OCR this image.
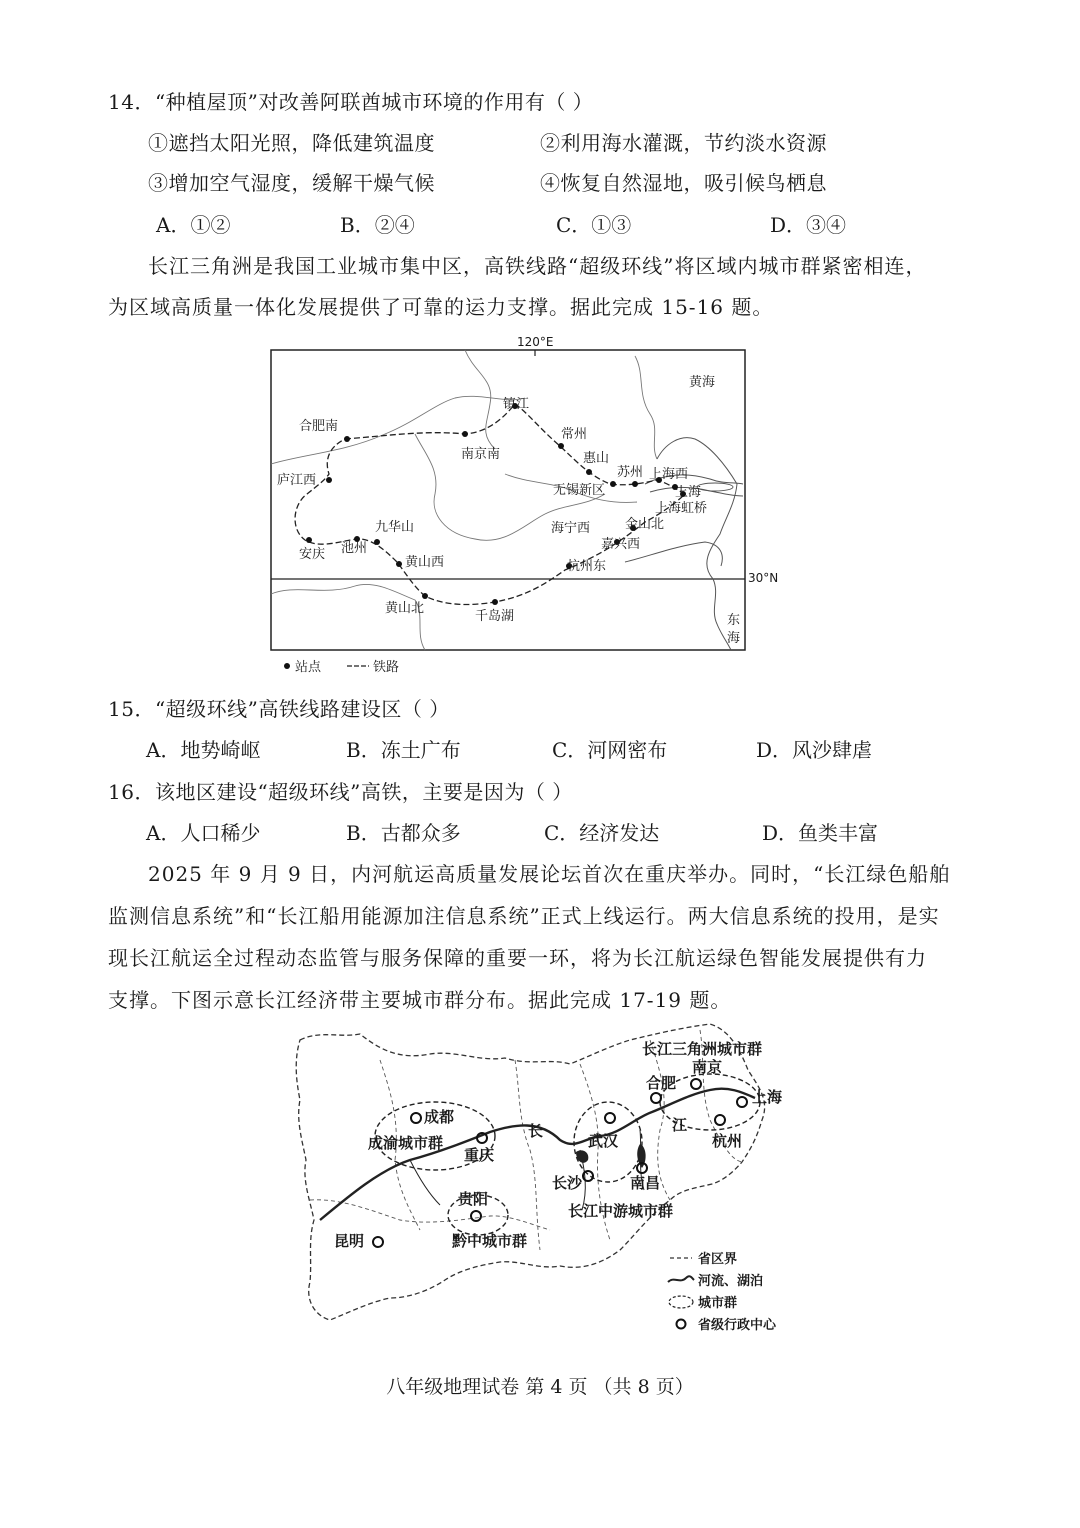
14．“种植屋顶”对改善阿联酋城市环境的作用有（ ）
①遮挡太阳光照，降低建筑温度	②利用海水灌溉，节约淡水资源
③增加空气湿度，缓解干燥气候	④恢复自然湿地，吸引候鸟栖息
A．①②	B．②④	C．①③	D．③④
长江三角洲是我国工业城市集中区，高铁线路“超级环线”将区域内城市群紧密相连，
为区域高质量一体化发展提供了可靠的运力支撑。据此完成 15-16 题。
120°E
30°N
合肥南
南京南
镇江
常州
惠山
苏州
无锡新区
上海西
上海
上海虹桥
庐江西
安庆 池州
九华山
黄山西
黄山北
千岛湖
杭州东
嘉兴西
金山北
海宁西
黄海
东
海
站点	铁路
15．“超级环线”高铁线路建设区（ ）
A．地势崎岖	B．冻土广布	C．河网密布	D．风沙肆虐
16．该地区建设“超级环线”高铁，主要是因为（ ）
A．人口稀少	B．古都众多	C．经济发达	D．鱼类丰富
2025 年 9 月 9 日，内河航运高质量发展论坛首次在重庆举办。同时，“长江绿色船舶
监测信息系统”和“长江船用能源加注信息系统”正式上线运行。两大信息系统的投用，是实
现长江航运全过程动态监管与服务保障的重要一环，将为长江航运绿色智能发展提供有力
支撑。下图示意长江经济带主要城市群分布。据此完成 17-19 题。
合肥
南京
上海
杭州
成都
重庆
武汉
长沙	南昌
贵阳
昆明
长	江
长江三角洲城市群
成渝城市群
长江中游城市群
黔中城市群
省区界
河流、湖泊
城市群
省级行政中心
八年级地理试卷 第 4 页 （共 8 页）
